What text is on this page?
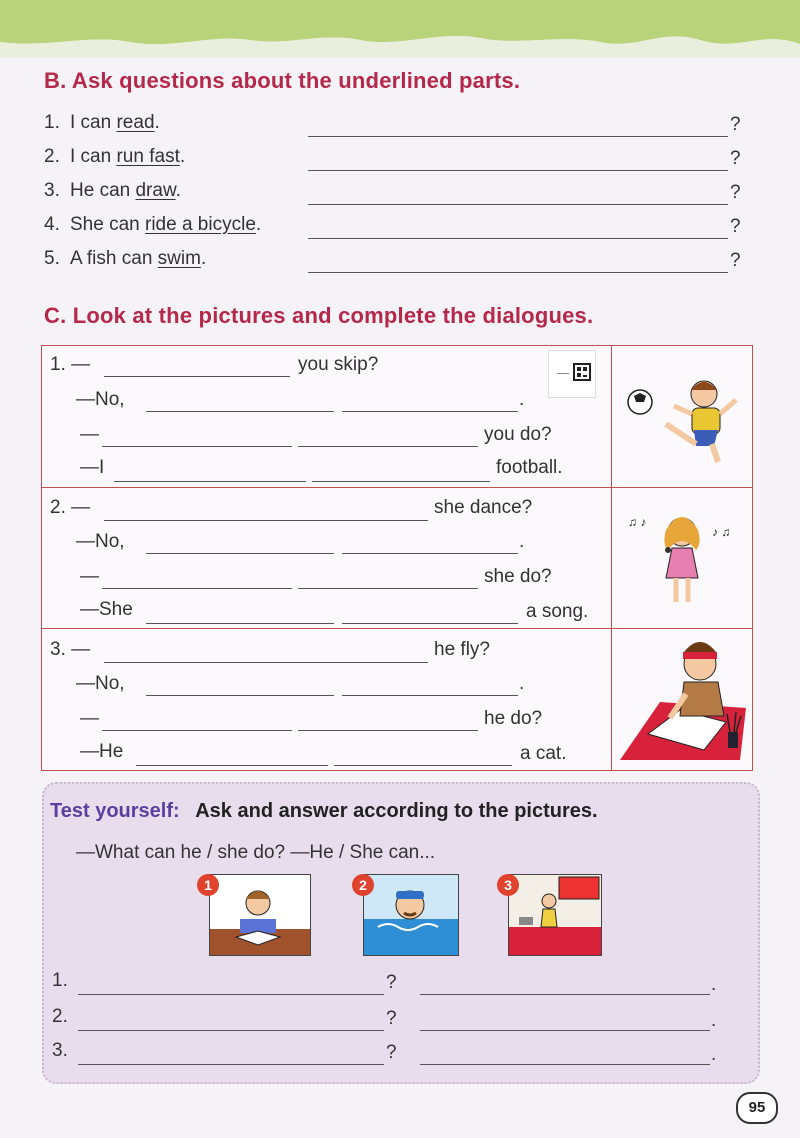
B. Ask questions about the underlined parts.
1. I can read.	?
2. I can run fast.	?
3. He can draw.	?
4. She can ride a bicycle.	?
5. A fish can swim.	?
C. Look at the pictures and complete the dialogues.
1. —	you skip?
—No,	.
—	you do?
—I	football.
2. —	she dance?
—No,	.
—	she do?
—She	a song.
♫ ♪
♪ ♫
3. —	he fly?
—No,	.
—	he do?
—He	a cat.
Test yourself: Ask and answer according to the pictures.
—What can he / she do? —He / She can...
1	2	3
1.	?	.
2.	?	.
3.	?	.
95
